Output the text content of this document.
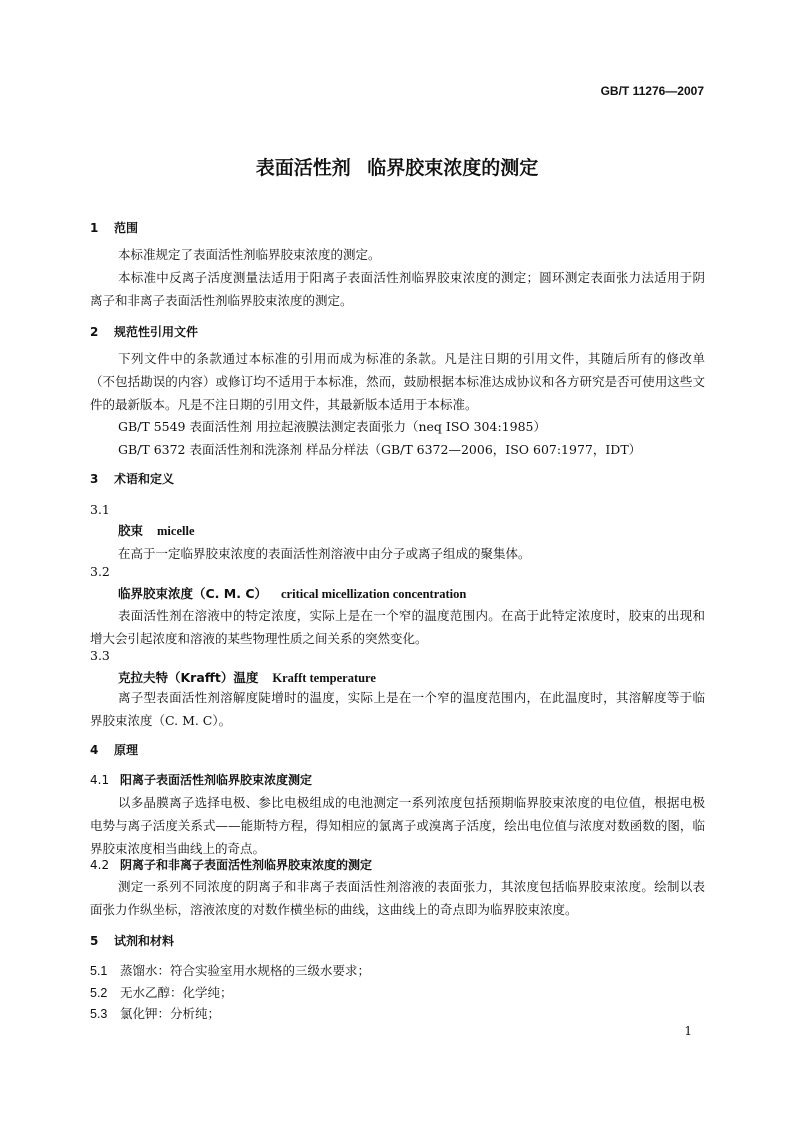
GB/T 11276—2007
表面活性剂 临界胶束浓度的测定
1 范围
本标准规定了表面活性剂临界胶束浓度的测定。
本标准中反离子活度测量法适用于阳离子表面活性剂临界胶束浓度的测定；圆环测定表面张力法适用于阴离子和非离子表面活性剂临界胶束浓度的测定。
2 规范性引用文件
下列文件中的条款通过本标准的引用而成为标准的条款。凡是注日期的引用文件，其随后所有的修改单（不包括勘误的内容）或修订均不适用于本标准，然而，鼓励根据本标准达成协议和各方研究是否可使用这些文件的最新版本。凡是不注日期的引用文件，其最新版本适用于本标准。
GB/T 5549 表面活性剂 用拉起液膜法测定表面张力（neq ISO 304:1985）
GB/T 6372 表面活性剂和洗涤剂 样品分样法（GB/T 6372—2006，ISO 607:1977，IDT）
3 术语和定义
3.1
胶束 micelle
在高于一定临界胶束浓度的表面活性剂溶液中由分子或离子组成的聚集体。
3.2
临界胶束浓度（C. M. C） critical micellization concentration
表面活性剂在溶液中的特定浓度，实际上是在一个窄的温度范围内。在高于此特定浓度时，胶束的出现和增大会引起浓度和溶液的某些物理性质之间关系的突然变化。
3.3
克拉夫特（Krafft）温度 Krafft temperature
离子型表面活性剂溶解度陡增时的温度，实际上是在一个窄的温度范围内，在此温度时，其溶解度等于临界胶束浓度（C. M. C）。
4 原理
4.1 阳离子表面活性剂临界胶束浓度测定
以多晶膜离子选择电极、参比电极组成的电池测定一系列浓度包括预期临界胶束浓度的电位值，根据电极电势与离子活度关系式——能斯特方程，得知相应的氯离子或溴离子活度，绘出电位值与浓度对数函数的图，临界胶束浓度相当曲线上的奇点。
4.2 阴离子和非离子表面活性剂临界胶束浓度的测定
测定一系列不同浓度的阴离子和非离子表面活性剂溶液的表面张力，其浓度包括临界胶束浓度。绘制以表面张力作纵坐标，溶液浓度的对数作横坐标的曲线，这曲线上的奇点即为临界胶束浓度。
5 试剂和材料
5.1 蒸馏水：符合实验室用水规格的三级水要求；
5.2 无水乙醇：化学纯；
5.3 氯化钾：分析纯；
1
